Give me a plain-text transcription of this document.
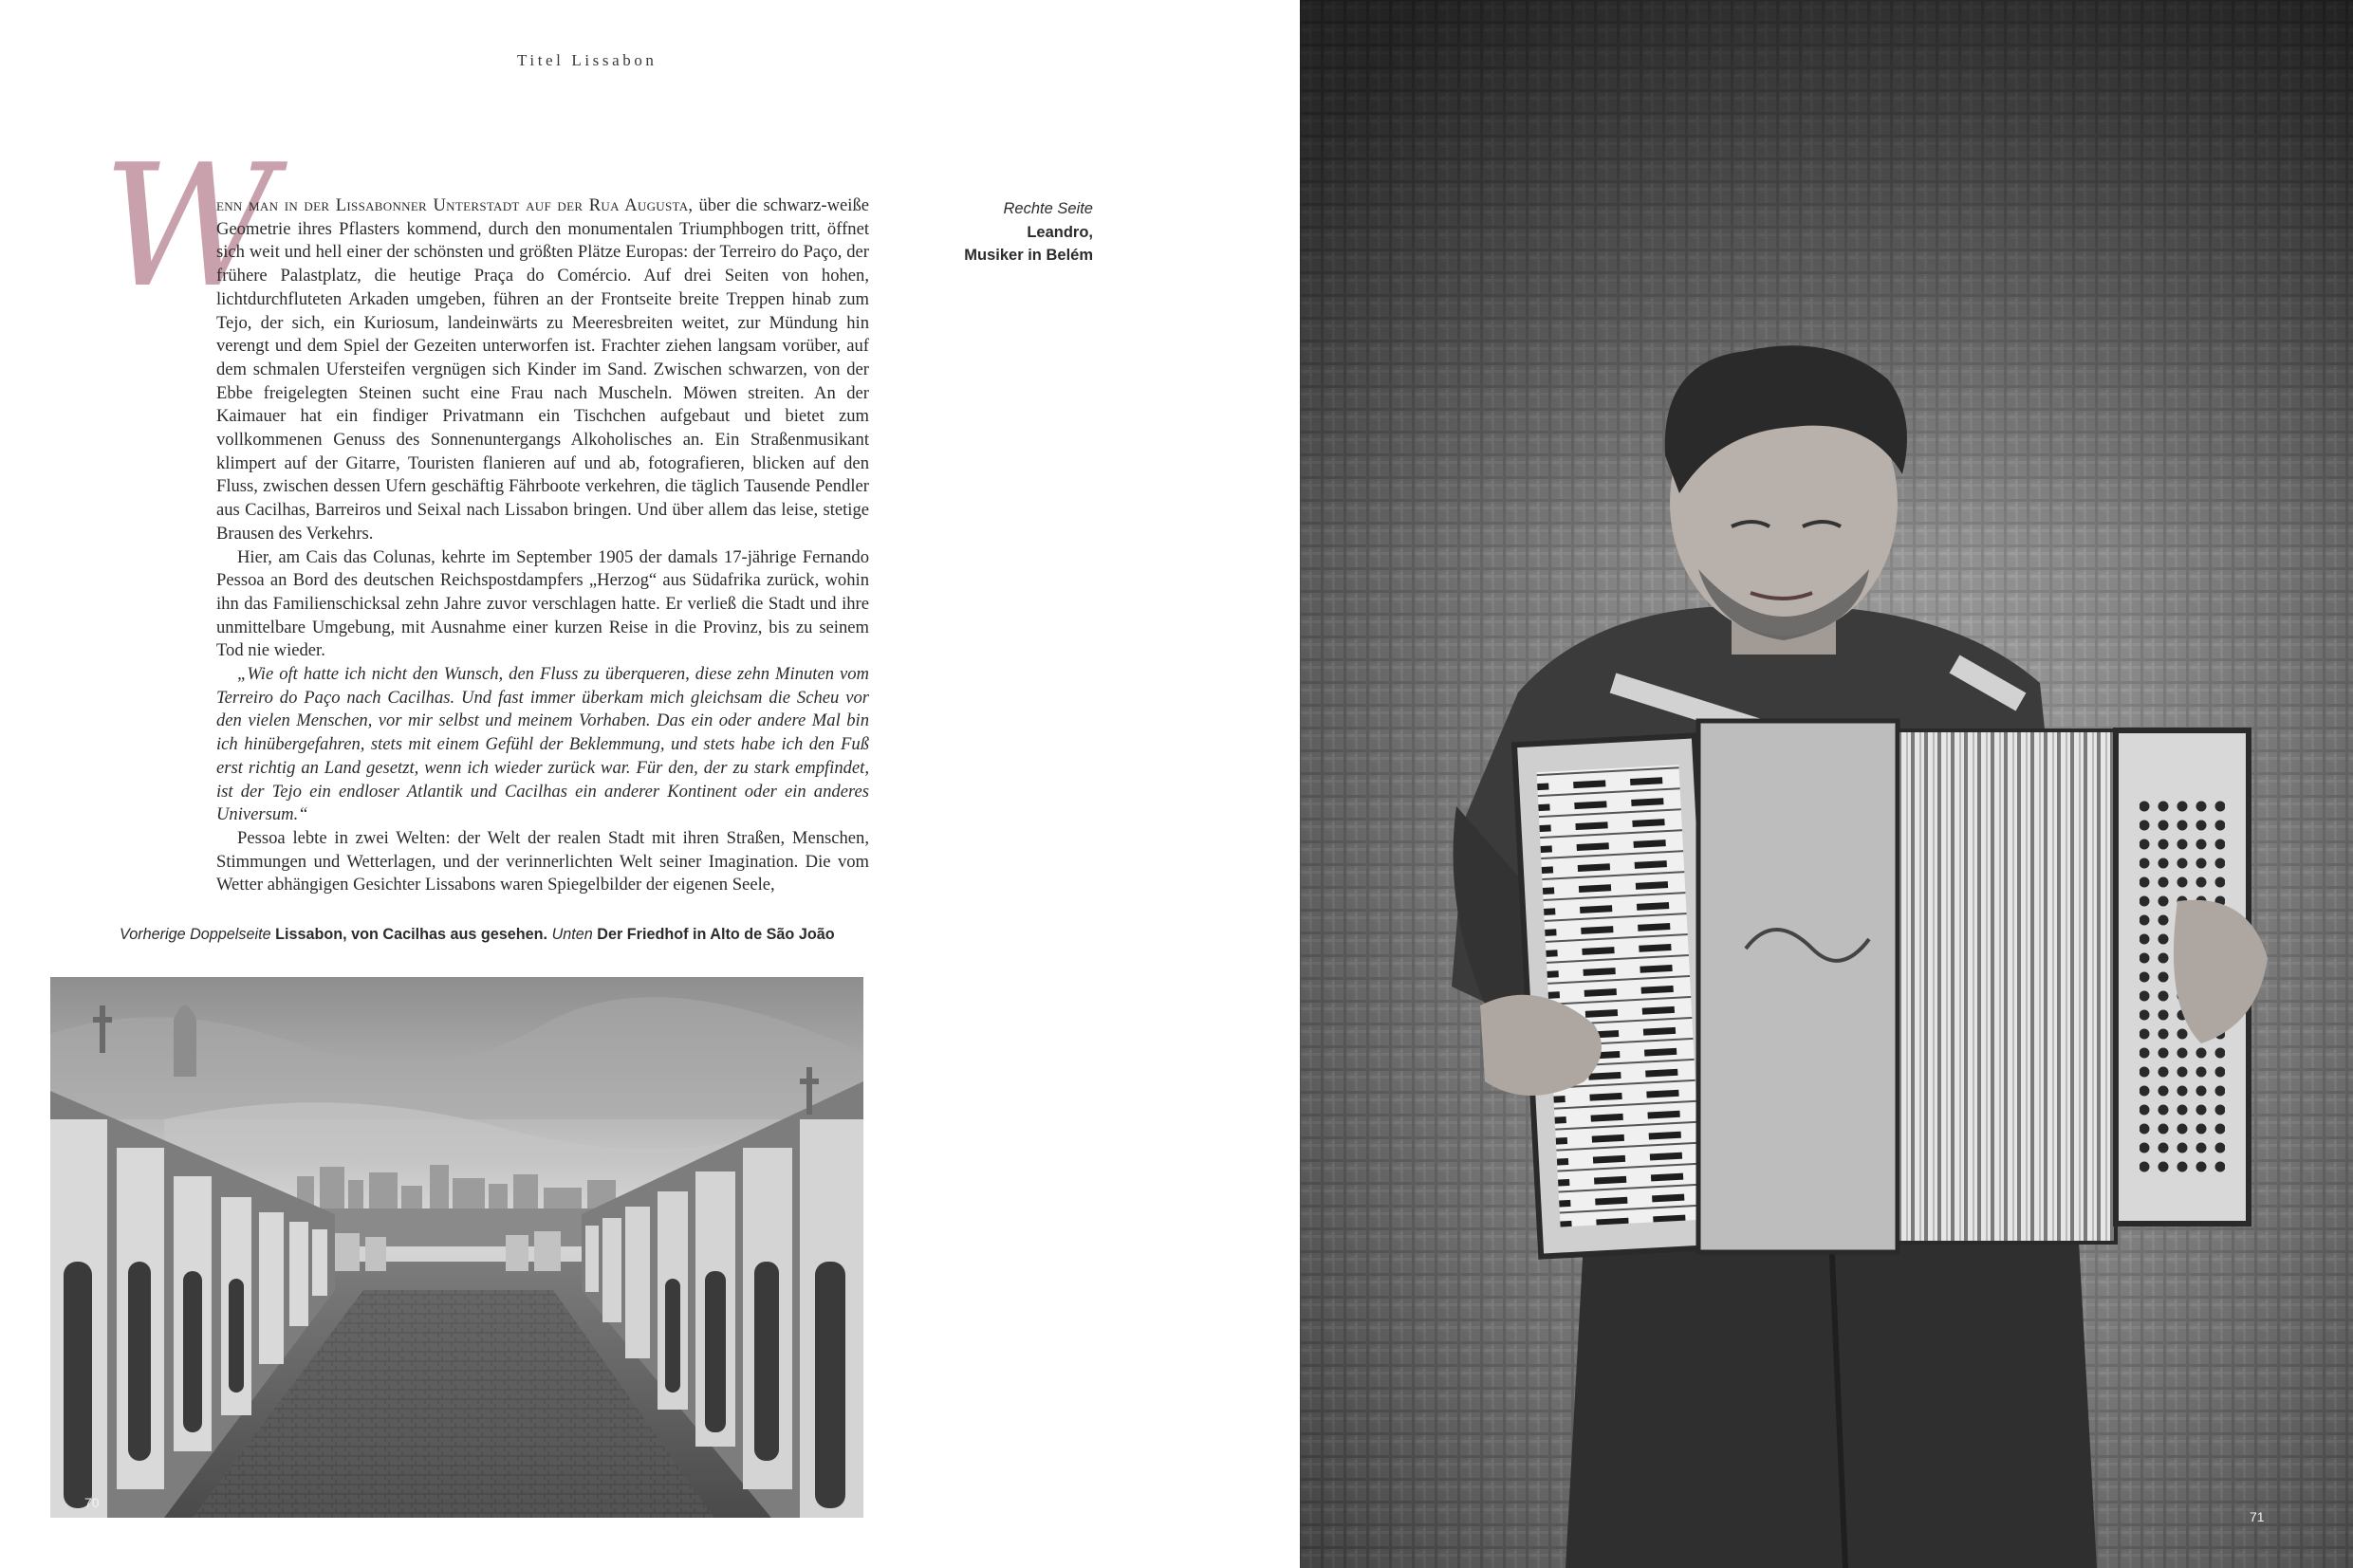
Titel Lissabon
W

enn man in der Lissabonner Unterstadt auf der Rua Augusta, über die schwarz-weiße Geometrie ihres Pflasters kommend, durch den monumentalen Triumphbogen tritt, öffnet sich weit und hell einer der schönsten und größten Plätze Europas: der Terreiro do Paço, der frühere Palastplatz, die heutige Praça do Comércio. Auf drei Seiten von hohen, lichtdurchfluteten Arkaden umgeben, führen an der Frontseite breite Treppen hinab zum Tejo, der sich, ein Kuriosum, landeinwärts zu Meeresbreiten weitet, zur Mündung hin verengt und dem Spiel der Gezeiten unterworfen ist. Frachter ziehen langsam vorüber, auf dem schmalen Ufersteifen vergnügen sich Kinder im Sand. Zwischen schwarzen, von der Ebbe freigelegten Steinen sucht eine Frau nach Muscheln. Möwen streiten. An der Kaimauer hat ein findiger Privatmann ein Tischchen aufgebaut und bietet zum vollkommenen Genuss des Sonnenuntergangs Alkoholisches an. Ein Straßenmusikant klimpert auf der Gitarre, Touristen flanieren auf und ab, fotografieren, blicken auf den Fluss, zwischen dessen Ufern geschäftig Fährboote verkehren, die täglich Tausende Pendler aus Cacilhas, Barreiros und Seixal nach Lissabon bringen. Und über allem das leise, stetige Brausen des Verkehrs.

Hier, am Cais das Colunas, kehrte im September 1905 der damals 17-jährige Fernando Pessoa an Bord des deutschen Reichspostdampfers „Herzog“ aus Südafrika zurück, wohin ihn das Familienschicksal zehn Jahre zuvor verschlagen hatte. Er verließ die Stadt und ihre unmittelbare Umgebung, mit Ausnahme einer kurzen Reise in die Provinz, bis zu seinem Tod nie wieder.

„Wie oft hatte ich nicht den Wunsch, den Fluss zu überqueren, diese zehn Minuten vom Terreiro do Paço nach Cacilhas. Und fast immer überkam mich gleichsam die Scheu vor den vielen Menschen, vor mir selbst und meinem Vorhaben. Das ein oder andere Mal bin ich hinübergefahren, stets mit einem Gefühl der Beklemmung, und stets habe ich den Fuß erst richtig an Land gesetzt, wenn ich wieder zurück war. Für den, der zu stark empfindet, ist der Tejo ein endloser Atlantik und Cacilhas ein anderer Kontinent oder ein anderes Universum.“

Pessoa lebte in zwei Welten: der Welt der realen Stadt mit ihren Straßen, Menschen, Stimmungen und Wetterlagen, und der verinnerlichten Welt seiner Imagination. Die vom Wetter abhängigen Gesichter Lissabons waren Spiegelbilder der eigenen Seele,

Rechte Seite
Leandro,
Musiker in Belém
Vorherige Doppelseite Lissabon, von Cacilhas aus gesehen. Unten Der Friedhof in Alto de São João
70
71
